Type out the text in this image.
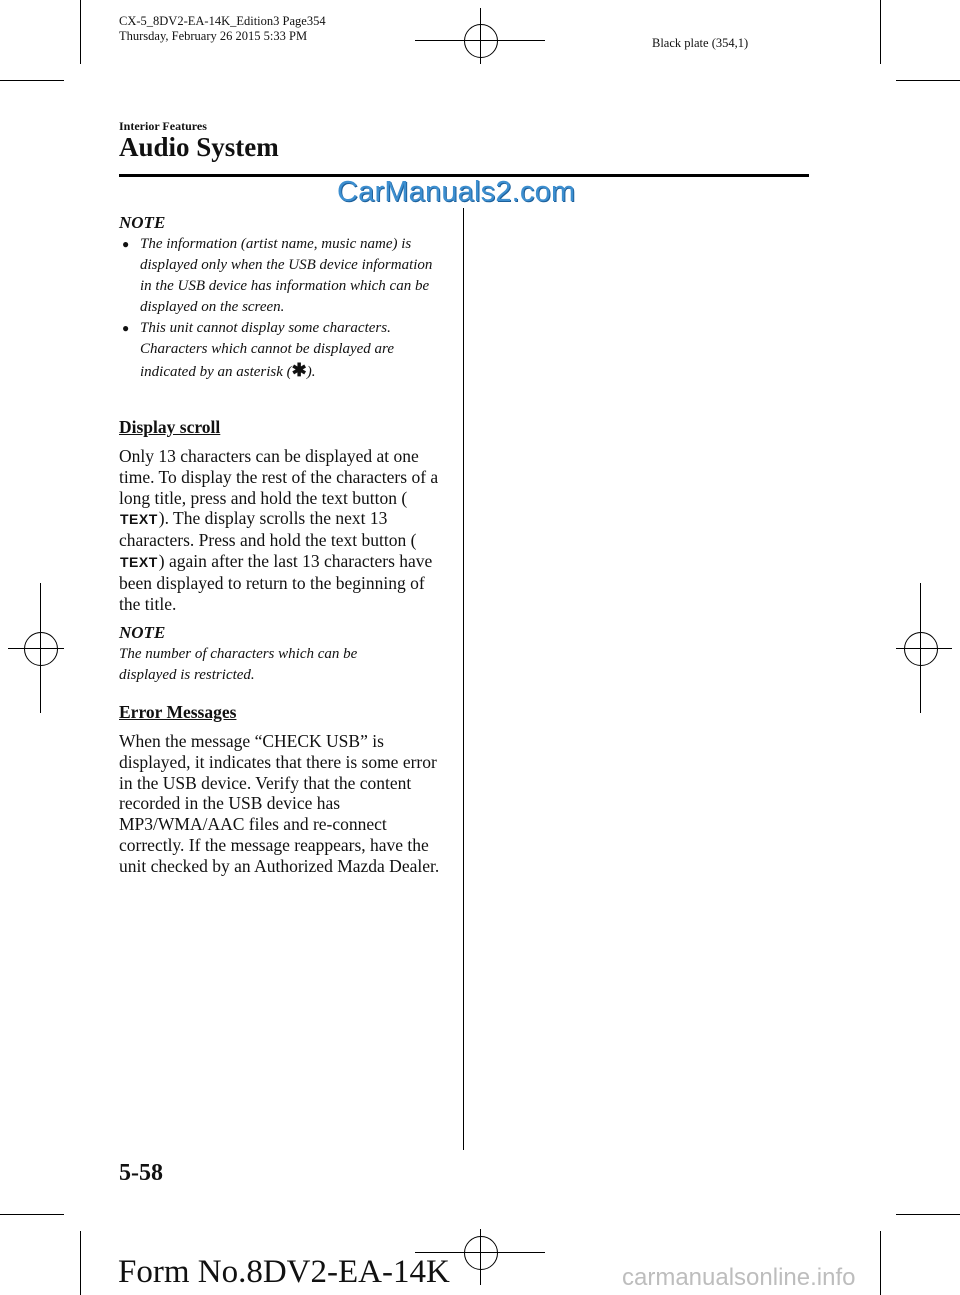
CX-5_8DV2-EA-14K_Edition3 Page354
Thursday, February 26 2015 5:33 PM	Black plate (354,1)
Interior Features
Audio System
CarManuals2.com
NOTE
● The information (artist name, music name) is displayed only when the USB device information in the USB device has information which can be displayed on the screen.
● This unit cannot display some characters. Characters which cannot be displayed are indicated by an asterisk (✱).
Display scroll
Only 13 characters can be displayed at one time. To display the rest of the characters of a long title, press and hold the text button (TEXT). The display scrolls the next 13 characters. Press and hold the text button (TEXT) again after the last 13 characters have been displayed to return to the beginning of the title.
NOTE
The number of characters which can be displayed is restricted.
Error Messages
When the message “CHECK USB” is displayed, it indicates that there is some error in the USB device. Verify that the content recorded in the USB device has MP3/WMA/AAC files and re-connect correctly. If the message reappears, have the unit checked by an Authorized Mazda Dealer.
5-58
Form No.8DV2-EA-14K	carmanualsonline.info
